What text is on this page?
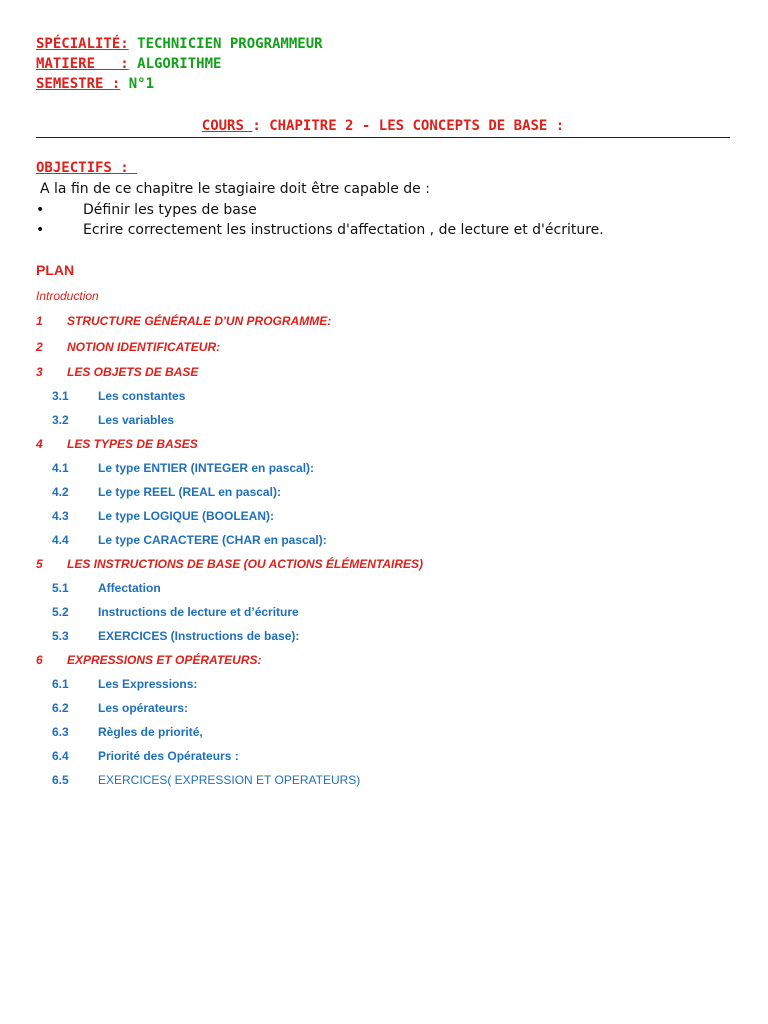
SPÉCIALITÉ: TECHNICIEN PROGRAMMEUR
MATIERE   : ALGORITHME
SEMESTRE : N°1
COURS : CHAPITRE 2 - LES CONCEPTS DE BASE :
OBJECTIFS :
A la fin de ce chapitre le stagiaire doit être capable de :
•	Définir les types de base
•	Ecrire correctement les instructions d'affectation , de lecture et d'écriture.
PLAN
Introduction
1 STRUCTURE GÉNÉRALE D'UN PROGRAMME:
2 NOTION IDENTIFICATEUR:
3 LES OBJETS DE BASE
3.1 Les constantes
3.2 Les variables
4 LES TYPES DE BASES
4.1 Le type ENTIER (INTEGER en pascal):
4.2 Le type REEL (REAL en pascal):
4.3 Le type LOGIQUE (BOOLEAN):
4.4 Le type CARACTERE (CHAR en pascal):
5 LES INSTRUCTIONS DE BASE (OU ACTIONS ÉLÉMENTAIRES)
5.1 Affectation
5.2 Instructions de lecture et d’écriture
5.3 EXERCICES (Instructions de base):
6 EXPRESSIONS ET OPÉRATEURS:
6.1 Les Expressions:
6.2 Les opérateurs:
6.3 Règles de priorité,
6.4 Priorité des Opérateurs :
6.5 EXERCICES( EXPRESSION ET OPERATEURS)
